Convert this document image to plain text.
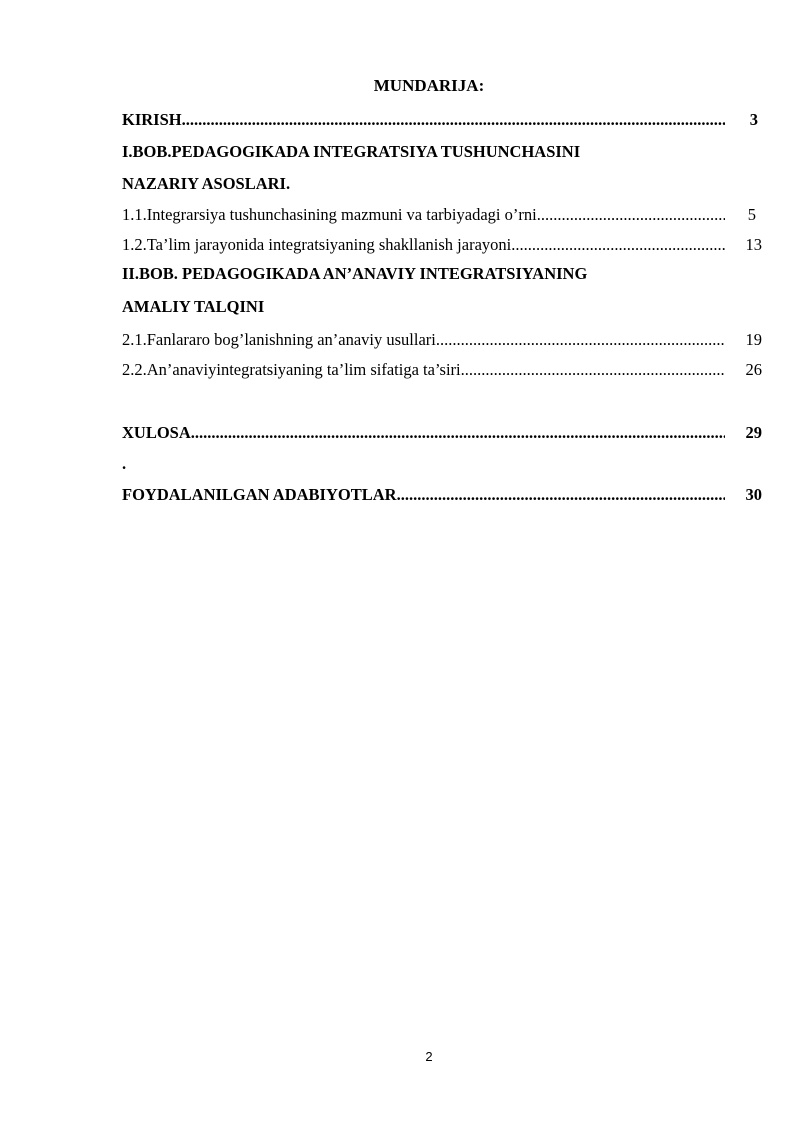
MUNDARIJA:
KIRISH .....	3
I.BOB.PEDAGOGIKADA INTEGRATSIYA TUSHUNCHASINI
NAZARIY ASOSLARI.
1.1.Integrarsiya tushunchasining mazmuni va tarbiyadagi o’rni .....	5
1.2.Ta’lim jarayonida integratsiyaning shakllanish jarayoni .....	13
II.BOB. PEDAGOGIKADA AN’ANAVIY INTEGRATSIYANING
AMALIY TALQINI
2.1.Fanlararo bog’lanishning an’anaviy usullari .....	19
2.2.An’anaviyintegratsiyaning ta’lim sifatiga ta’siri .....	26
XULOSA .....	29
.
FOYDALANILGAN ADABIYOTLAR .....	30
2
